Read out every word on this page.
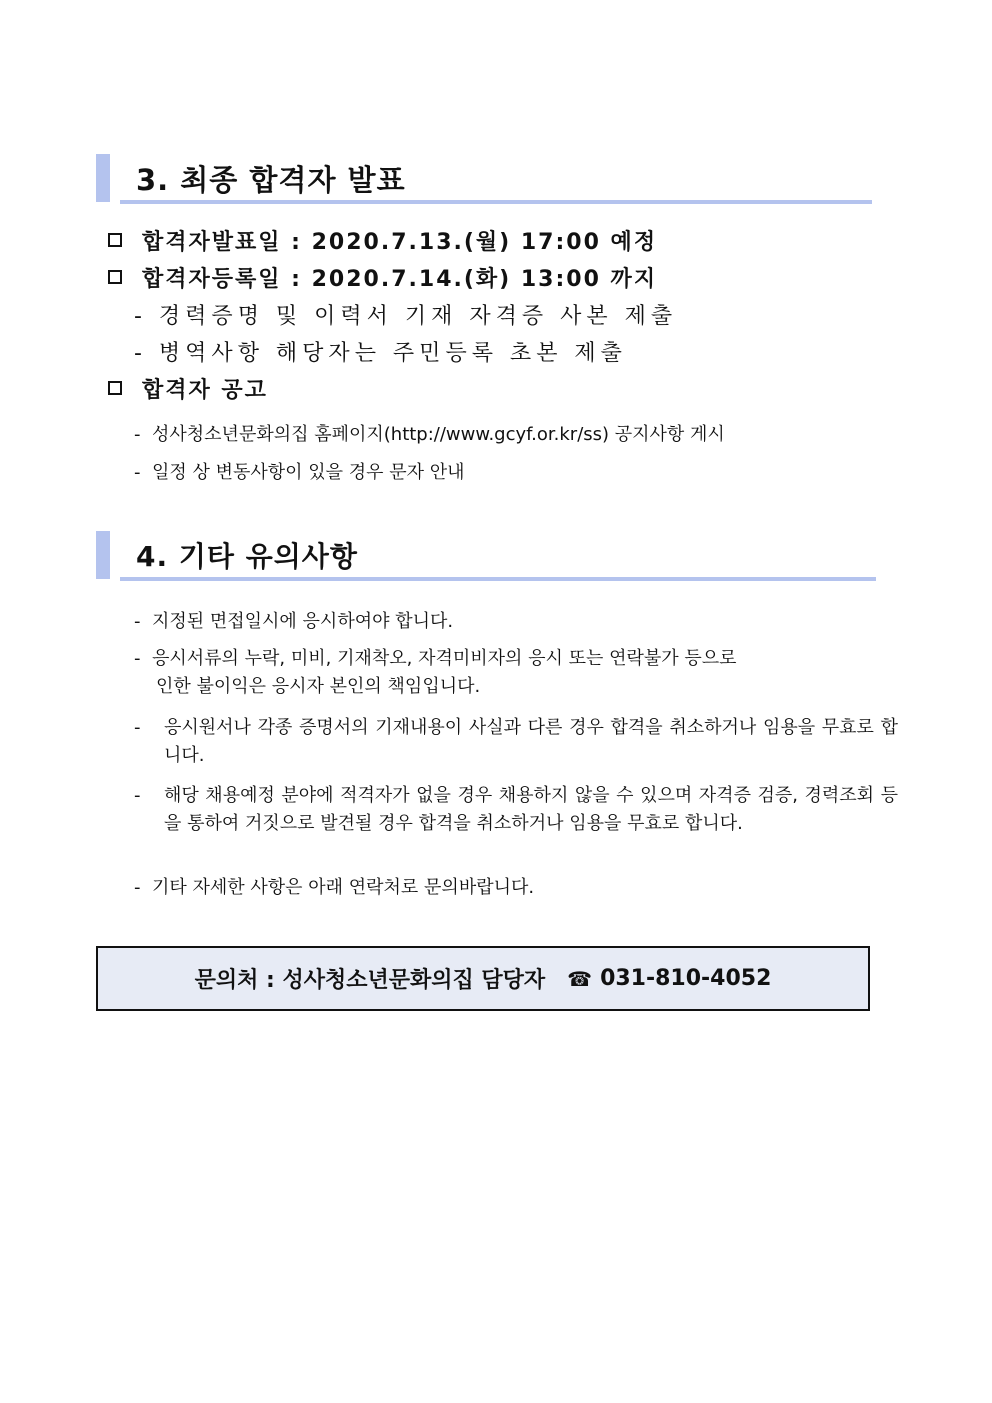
3. 최종 합격자 발표
합격자발표일 : 2020.7.13.(월) 17:00 예정
합격자등록일 : 2020.7.14.(화) 13:00 까지
- 경력증명 및 이력서 기재 자격증 사본 제출
- 병역사항 해당자는 주민등록 초본 제출
합격자 공고
- 성사청소년문화의집 홈페이지(http://www.gcyf.or.kr/ss) 공지사항 게시
- 일정 상 변동사항이 있을 경우 문자 안내
4. 기타 유의사항
- 지정된 면접일시에 응시하여야 합니다.
- 응시서류의 누락, 미비, 기재착오, 자격미비자의 응시 또는 연락불가 등으로
인한 불이익은 응시자 본인의 책임입니다.
-	응시원서나 각종 증명서의 기재내용이 사실과 다른 경우 합격을 취소하거나 임용을 무효로 합니다.
-	해당 채용예정 분야에 적격자가 없을 경우 채용하지 않을 수 있으며 자격증 검증, 경력조회 등을 통하여 거짓으로 발견될 경우 합격을 취소하거나 임용을 무효로 합니다.
- 기타 자세한 사항은 아래 연락처로 문의바랍니다.
문의처 : 성사청소년문화의집 담당자 ☎ 031-810-4052
